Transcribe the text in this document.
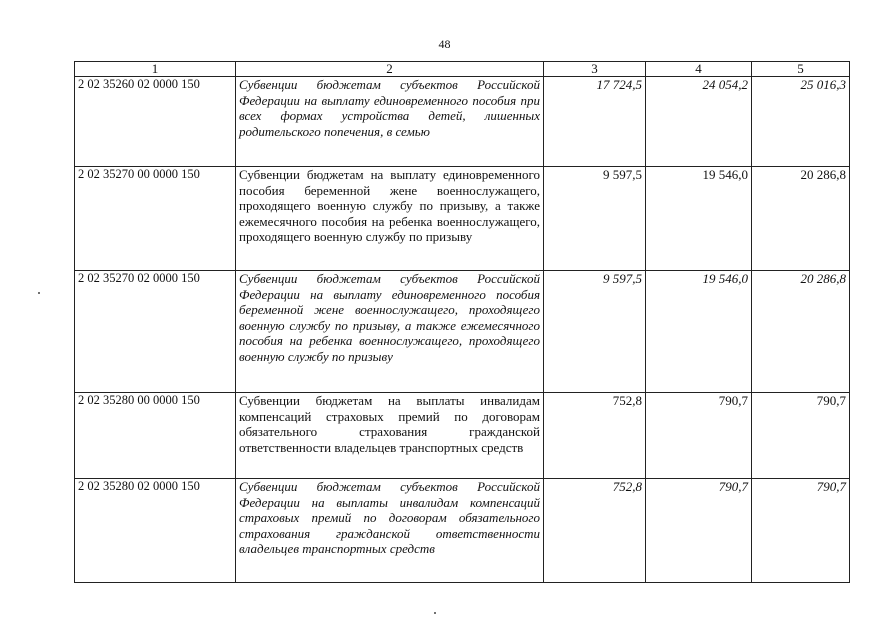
48
1	2	3	4	5
2 02 35260 02 0000 150	Субвенции бюджетам субъектов Российской Федерации на выплату единовременного пособия при всех формах устройства детей, лишенных родительского попечения, в семью	17 724,5	24 054,2	25 016,3
2 02 35270 00 0000 150	Субвенции бюджетам на выплату единовременного пособия беременной жене военнослужащего, проходящего военную службу по призыву, а также ежемесячного пособия на ребенка военнослужащего, проходящего военную службу по призыву	9 597,5	19 546,0	20 286,8
2 02 35270 02 0000 150	Субвенции бюджетам субъектов Российской Федерации на выплату единовременного пособия беременной жене военнослужащего, проходящего военную службу по призыву, а также ежемесячного пособия на ребенка военнослужащего, проходящего военную службу по призыву	9 597,5	19 546,0	20 286,8
2 02 35280 00 0000 150	Субвенции бюджетам на выплаты инвалидам компенсаций страховых премий по договорам обязательного страхования гражданской ответственности владельцев транспортных средств	752,8	790,7	790,7
2 02 35280 02 0000 150	Субвенции бюджетам субъектов Российской Федерации на выплаты инвалидам компенсаций страховых премий по договорам обязательного страхования гражданской ответственности владельцев транспортных средств	752,8	790,7	790,7
